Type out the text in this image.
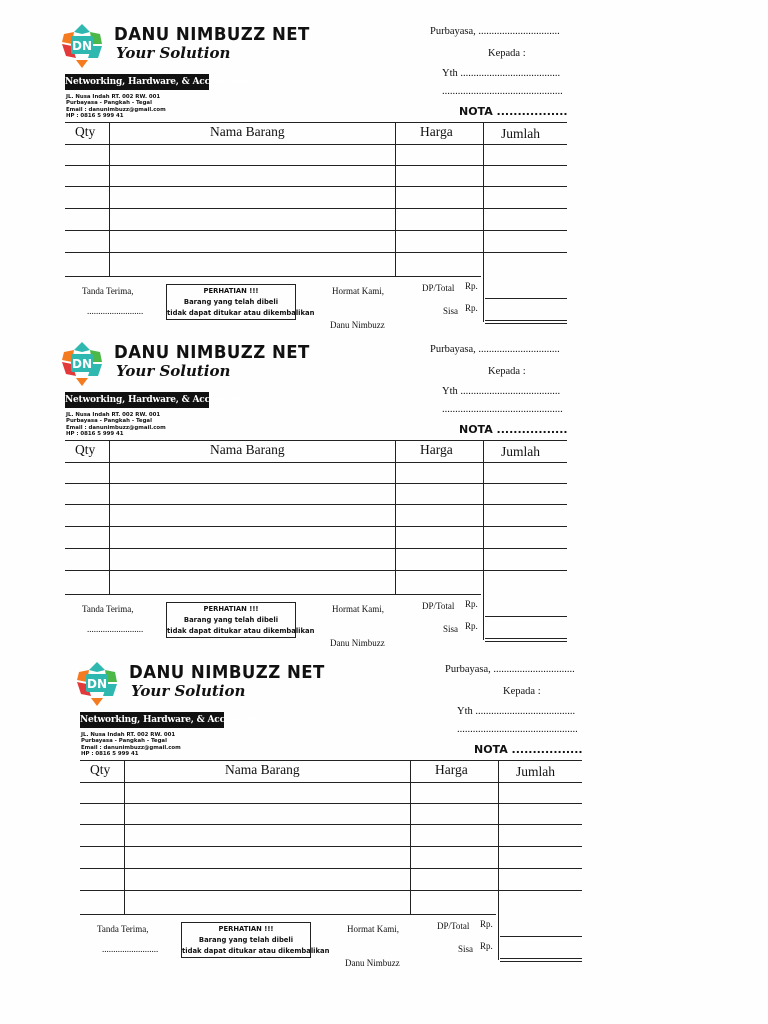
DN
DANU NIMBUZZ NET
Your Solution
Networking, Hardware, & Accessories
JL. Nusa Indah RT. 002 RW. 001
Purbayasa - Pangkah - Tegal
Email : danunimbuzz@gmail.com
HP : 0816 5 999 41
Purbayasa, ...............................
Kepada :
Yth ......................................
..............................................
NOTA .................
Qty	Nama Barang	Harga	Jumlah
Tanda Terima,
.........................
PERHATIAN !!!
Barang yang telah dibeli
tidak dapat ditukar atau dikembalikan
Hormat Kami,
Danu Nimbuzz
DP/Total Rp.
Sisa Rp.
DN
DANU NIMBUZZ NET
Your Solution
Networking, Hardware, & Accessories
JL. Nusa Indah RT. 002 RW. 001
Purbayasa - Pangkah - Tegal
Email : danunimbuzz@gmail.com
HP : 0816 5 999 41
Purbayasa, ...............................
Kepada :
Yth ......................................
..............................................
NOTA .................
Qty	Nama Barang	Harga	Jumlah
Tanda Terima,
.........................
PERHATIAN !!!
Barang yang telah dibeli
tidak dapat ditukar atau dikembalikan
Hormat Kami,
Danu Nimbuzz
DP/Total Rp.
Sisa Rp.
DN
DANU NIMBUZZ NET
Your Solution
Networking, Hardware, & Accessories
JL. Nusa Indah RT. 002 RW. 001
Purbayasa - Pangkah - Tegal
Email : danunimbuzz@gmail.com
HP : 0816 5 999 41
Purbayasa, ...............................
Kepada :
Yth ......................................
..............................................
NOTA .................
Qty	Nama Barang	Harga	Jumlah
Tanda Terima,
.........................
PERHATIAN !!!
Barang yang telah dibeli
tidak dapat ditukar atau dikembalikan
Hormat Kami,
Danu Nimbuzz
DP/Total Rp.
Sisa Rp.
